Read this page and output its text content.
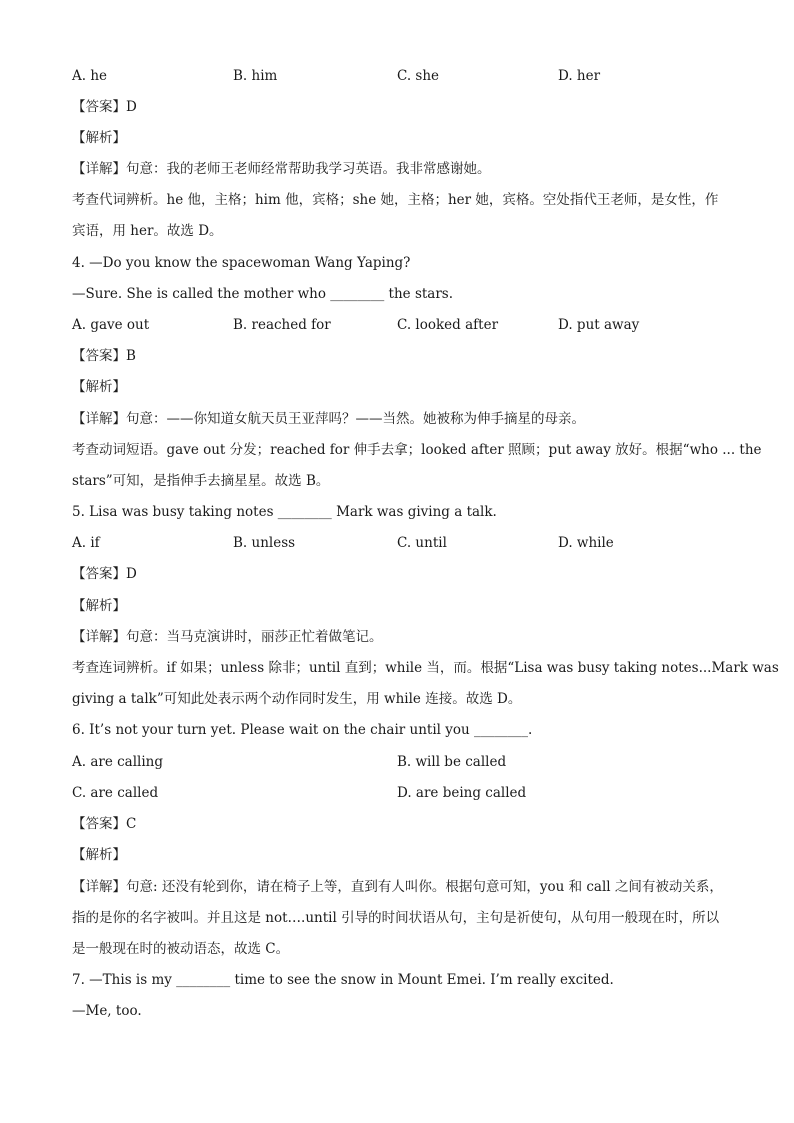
A. he	B. him	C. she	D. her
【答案】D
【解析】
【详解】句意：我的老师王老师经常帮助我学习英语。我非常感谢她。
考查代词辨析。he 他，主格；him 他，宾格；she 她，主格；her 她，宾格。空处指代王老师，是女性，作
宾语，用 her。故选 D。
4. —Do you know the spacewoman Wang Yaping?
—Sure. She is called the mother who ________ the stars.
A. gave out	B. reached for	C. looked after	D. put away
【答案】B
【解析】
【详解】句意：——你知道女航天员王亚萍吗？——当然。她被称为伸手摘星的母亲。
考查动词短语。gave out 分发；reached for 伸手去拿；looked after 照顾；put away 放好。根据“who ... the
stars”可知，是指伸手去摘星星。故选 B。
5. Lisa was busy taking notes ________ Mark was giving a talk.
A. if	B. unless	C. until	D. while
【答案】D
【解析】
【详解】句意：当马克演讲时，丽莎正忙着做笔记。
考查连词辨析。if 如果；unless 除非；until 直到；while 当，而。根据“Lisa was busy taking notes...Mark was
giving a talk”可知此处表示两个动作同时发生，用 while 连接。故选 D。
6. It’s not your turn yet. Please wait on the chair until you ________.
A. are calling	B. will be called
C. are called	D. are being called
【答案】C
【解析】
【详解】句意: 还没有轮到你，请在椅子上等，直到有人叫你。根据句意可知，you 和 call 之间有被动关系，
指的是你的名字被叫。并且这是 not….until 引导的时间状语从句，主句是祈使句，从句用一般现在时，所以
是一般现在时的被动语态，故选 C。
7. —This is my ________ time to see the snow in Mount Emei. I’m really excited.
—Me, too.
